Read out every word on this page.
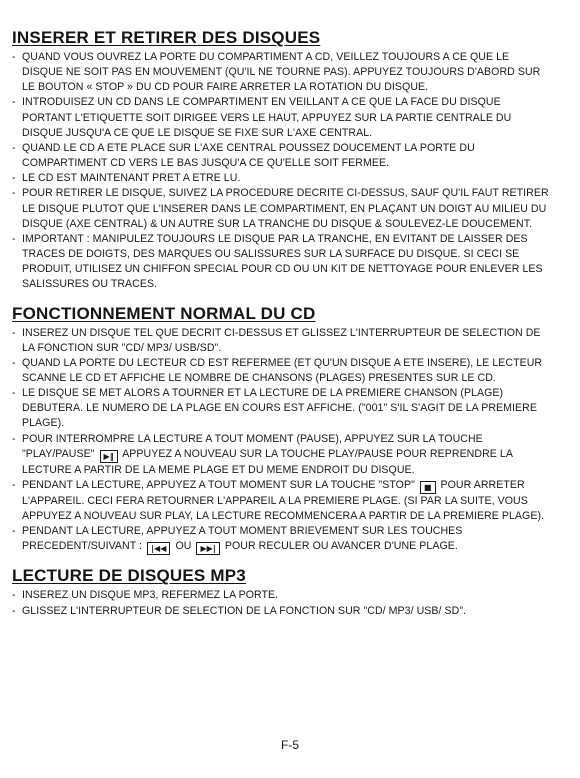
INSERER ET RETIRER DES DISQUES
- QUAND VOUS OUVREZ LA PORTE DU COMPARTIMENT A CD, VEILLEZ TOUJOURS A CE QUE LE DISQUE NE SOIT PAS EN MOUVEMENT (QU'IL NE TOURNE PAS). APPUYEZ TOUJOURS D'ABORD SUR LE BOUTON « STOP » DU CD POUR FAIRE ARRETER LA ROTATION DU DISQUE.
- INTRODUISEZ UN CD DANS LE COMPARTIMENT EN VEILLANT A CE QUE LA FACE DU DISQUE PORTANT L'ETIQUETTE SOIT DIRIGEE VERS LE HAUT, APPUYEZ SUR LA PARTIE CENTRALE DU DISQUE JUSQU'A CE QUE LE DISQUE SE FIXE SUR L'AXE CENTRAL.
- QUAND LE CD A ETE PLACE SUR L'AXE CENTRAL POUSSEZ DOUCEMENT LA PORTE DU COMPARTIMENT CD VERS LE BAS JUSQU'A CE QU'ELLE SOIT FERMEE.
- LE CD EST MAINTENANT PRET A ETRE LU.
- POUR RETIRER LE DISQUE, SUIVEZ LA PROCEDURE DECRITE CI-DESSUS, SAUF QU'IL FAUT RETIRER LE DISQUE PLUTOT QUE L'INSERER DANS LE COMPARTIMENT, EN PLAÇANT UN DOIGT AU MILIEU DU DISQUE (AXE CENTRAL) & UN AUTRE SUR LA TRANCHE DU DISQUE & SOULEVEZ-LE DOUCEMENT.
- IMPORTANT : MANIPULEZ TOUJOURS LE DISQUE PAR LA TRANCHE, EN EVITANT DE LAISSER DES TRACES DE DOIGTS, DES MARQUES OU SALISSURES SUR LA SURFACE DU DISQUE. SI CECI SE PRODUIT, UTILISEZ UN CHIFFON SPECIAL POUR CD OU UN KIT DE NETTOYAGE POUR ENLEVER LES SALISSURES OU TRACES.
FONCTIONNEMENT NORMAL DU CD
- INSEREZ UN DISQUE TEL QUE DECRIT CI-DESSUS ET GLISSEZ L'INTERRUPTEUR DE SELECTION DE LA FONCTION SUR "CD/ MP3/ USB/SD".
- QUAND LA PORTE DU LECTEUR CD EST REFERMEE (ET QU'UN DISQUE A ETE INSERE), LE LECTEUR SCANNE LE CD ET AFFICHE LE NOMBRE DE CHANSONS (PLAGES) PRESENTES SUR LE CD.
- LE DISQUE SE MET ALORS A TOURNER ET LA LECTURE DE LA PREMIERE CHANSON (PLAGE) DEBUTERA. LE NUMERO DE LA PLAGE EN COURS EST AFFICHE. ("001" S'IL S'AGIT DE LA PREMIERE PLAGE).
- POUR INTERROMPRE LA LECTURE A TOUT MOMENT (PAUSE), APPUYEZ SUR LA TOUCHE "PLAY/PAUSE" ▶‖ APPUYEZ A NOUVEAU SUR LA TOUCHE PLAY/PAUSE POUR REPRENDRE LA LECTURE A PARTIR DE LA MEME PLAGE ET DU MEME ENDROIT DU DISQUE.
- PENDANT LA LECTURE, APPUYEZ A TOUT MOMENT SUR LA TOUCHE "STOP" ■ POUR ARRETER L'APPAREIL. CECI FERA RETOURNER L'APPAREIL A LA PREMIERE PLAGE. (SI PAR LA SUITE, VOUS APPUYEZ A NOUVEAU SUR PLAY, LA LECTURE RECOMMENCERA A PARTIR DE LA PREMIERE PLAGE).
- PENDANT LA LECTURE, APPUYEZ A TOUT MOMENT BRIEVEMENT SUR LES TOUCHES PRECEDENT/SUIVANT : |◀◀ OU ▶▶| POUR RECULER OU AVANCER D'UNE PLAGE.
LECTURE DE DISQUES MP3
- INSEREZ UN DISQUE MP3, REFERMEZ LA PORTE.
- GLISSEZ L'INTERRUPTEUR DE SELECTION DE LA FONCTION SUR "CD/ MP3/ USB/ SD".
F-5
